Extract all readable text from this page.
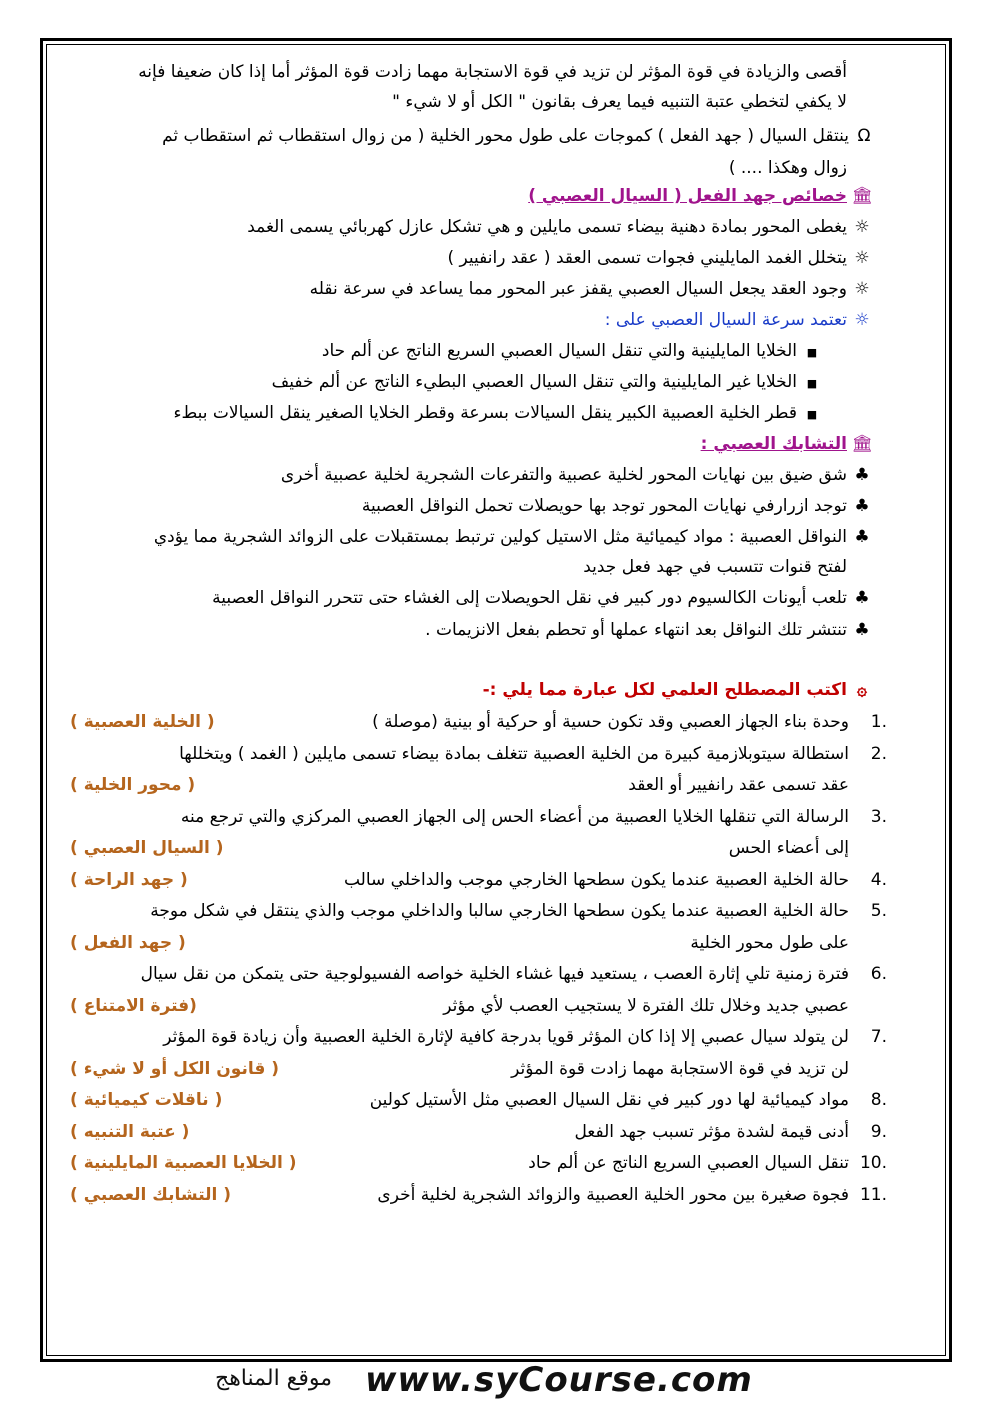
أقصى والزيادة في قوة المؤثر لن تزيد في قوة الاستجابة مهما زادت قوة المؤثر أما إذا كان ضعيفا فإنه
لا يكفي لتخطي عتبة التنبيه فيما يعرف بقانون " الكل أو لا شيء "
Ωينتقل السيال ( جهد الفعل ) كموجات على طول محور الخلية ( من زوال استقطاب ثم استقطاب ثم
زوال وهكذا .... )
🏛خصائص جهد الفعل ( السيال العصبي )
☼يغطى المحور بمادة دهنية بيضاء تسمى مايلين و هي تشكل عازل كهربائي يسمى الغمد
☼يتخلل الغمد المايليني فجوات تسمى العقد ( عقد رانفيير )
☼وجود العقد يجعل السيال العصبي يقفز عبر المحور مما يساعد في سرعة نقله
☼تعتمد سرعة السيال العصبي على :
■الخلايا المايلينية والتي تنقل السيال العصبي السريع الناتج عن ألم حاد
■الخلايا غير المايلينية والتي تنقل السيال العصبي البطيء الناتج عن ألم خفيف
■قطر الخلية العصبية الكبير ينقل السيالات بسرعة وقطر الخلايا الصغير ينقل السيالات ببطء
🏛التشابك العصبي :
♣شق ضيق بين نهايات المحور لخلية عصبية والتفرعات الشجرية لخلية عصبية أخرى
♣توجد ازرارفي نهايات المحور توجد بها حويصلات تحمل النواقل العصبية
♣النواقل العصبية : مواد كيميائية مثل الاستيل كولين ترتبط بمستقبلات على الزوائد الشجرية مما يؤدي
لفتح قنوات تتسبب في جهد فعل جديد
♣تلعب أيونات الكالسيوم دور كبير في نقل الحويصلات إلى الغشاء حتى تتحرر النواقل العصبية
♣تنتشر تلك النواقل بعد انتهاء عملها أو تحطم بفعل الانزيمات .
۞اكتب المصطلح العلمي لكل عبارة مما يلي :-
1.وحدة بناء الجهاز العصبي وقد تكون حسية أو حركية أو بينية (موصلة )
( الخلية العصبية )
2.استطالة سيتوبلازمية كبيرة من الخلية العصبية تتغلف بمادة بيضاء تسمى مايلين ( الغمد ) ويتخللها
عقد تسمى عقد رانفيير أو العقد
( محور الخلية )
3.الرسالة التي تنقلها الخلايا العصبية من أعضاء الحس إلى الجهاز العصبي المركزي والتي ترجع منه
إلى أعضاء الحس
( السيال العصبي )
4.حالة الخلية العصبية عندما يكون سطحها الخارجي موجب والداخلي سالب
( جهد الراحة )
5.حالة الخلية العصبية عندما يكون سطحها الخارجي سالبا والداخلي موجب والذي ينتقل في شكل موجة
على طول محور الخلية
( جهد الفعل )
6.فترة زمنية تلي إثارة العصب ، يستعيد فيها غشاء الخلية خواصه الفسيولوجية حتى يتمكن من نقل سيال
عصبي جديد وخلال تلك الفترة لا يستجيب العصب لأي مؤثر
(فترة الامتناع )
7.لن يتولد سيال عصبي إلا إذا كان المؤثر قويا بدرجة كافية لإثارة الخلية العصبية وأن زيادة قوة المؤثر
لن تزيد في قوة الاستجابة مهما زادت قوة المؤثر
( قانون الكل أو لا شيء )
8.مواد كيميائية لها دور كبير في نقل السيال العصبي مثل الأستيل كولين
( ناقلات كيميائية )
9.أدنى قيمة لشدة مؤثر تسبب جهد الفعل
( عتبة التنبيه )
10.تنقل السيال العصبي السريع الناتج عن ألم حاد
( الخلايا العصبية المايلينية )
11.فجوة صغيرة بين محور الخلية العصبية والزوائد الشجرية لخلية أخرى
( التشابك العصبي )
موقع المناهج www.syCourse.com
